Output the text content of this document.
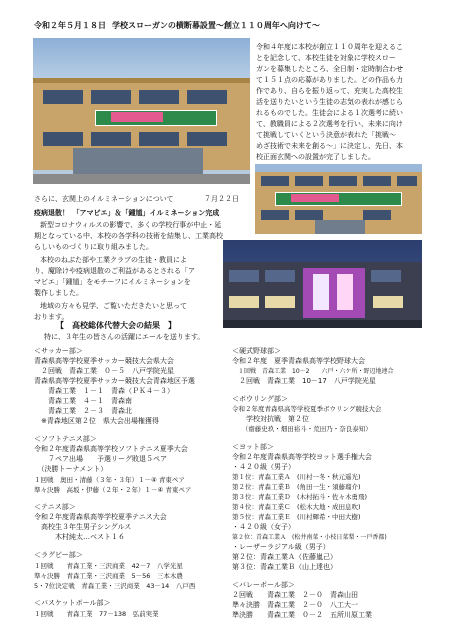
令和２年５月１８日 学校スローガンの横断幕設置～創立１１０周年へ向けて～
令和４年度に本校が創立１１０周年を迎えるこ
とを記念して、本校生徒を対象に学校スロー
ガンを募集したところ、全日制・定時制合わせ
て１５１点の応募がありました。どの作品も力
作であり、自らを振り返って、充実した高校生
活を送りたいという生徒の志気の表れが感じら
れるものでした。生徒会による１次選考に続い
て、教職員による２次選考を行い、未来に向け
て挑戦していくという決意が表れた「挑戦～
めざ技術で未来を創る～」に決定し、先日、本
校正面玄関への設置が完了しました。
さらに、玄関上のイルミネーションについて	７月２２日
疫病退散！　「アマビエ」＆「鍾馗」イルミネーション完成
新型コロナウィルスの影響で、多くの学校行事が中止・延
期となっている中、本校の各学科の技術を結集し、工業高校
らしいものづくりに取り組みました。
本校のねぶた部や工業クラブの生徒・教員によ
り、魔除けや疫病退散のご利益があるとされる「ア
マビエ」「鍾馗」をモチーフにイルミネーションを
製作しました。
地域の方々も見学、ご覧いただきたいと思って
おります。
【　高校総体代替大会の結果　】
特に、３年生の皆さんの活躍にエールを送ります。
＜サッカー部＞
青森県高等学校夏季サッカー競技大会県大会
　２回戦　青森工業　０－５　八戸学院光星
青森県高等学校夏季サッカー競技大会青森地区予選
　　青森工業　１－１　青森（ＰＫ４－３）
　　青森工業　４－１　青森南
　　青森工業　２－３　青森北
　※青森地区第２位　県大会出場権獲得
＜ソフトテニス部＞
令和２年度青森県高等学校ソフトテニス夏季大会
　　７ペア出場　　予選リーグ敗退５ペア
　（決勝トーナメント）
１回戦　奥田・清藤（３年・３年）１－④ 青東ペア
準々決勝　高坂・伊藤（２年・２年）１－④ 青東ペア
＜テニス部＞
令和２年度青森県高等学校夏季テニス大会
　高校生３年生男子シングルス
　　　木村純太…ベスト１６
＜ラグビー部＞
１回戦　　青森工業・三沢商業　42－7　八学光星
準々決勝　青森工業・三沢商業　5－56　三本木農
5・7位決定戦　青森工業・三沢商業　43－14　八戸西
＜バスケットボール部＞
１回戦　　青森工業　77－138　弘前実業
＜硬式野球部＞
令和２年度　夏季青森県高等学校野球大会
　１回戦　青森工業　10－2　　六戸・六ケ所・野辺地連合
　２回戦　青森工業　10－17　八戸学院光星
＜ボウリング部＞
令和２年度青森県高等学校夏季ボウリング競技大会
　　学校対抗戦　第２位
　　（齋藤史玖・畑田裕斗・荒田乃・奈良泰知）
＜ヨット部＞
令和２年度青森県高等学校ヨット選手権大会
・４２０級（男子）
第１位：青森工業Ａ　(川村一冬・秋元遥光)
第２位：青森工業Ｂ　(角田一生・須藤瑠介)
第３位：青森工業Ｄ　(木村拓斗・佐々木勇飛)
第４位：青森工業Ｃ　(松木大地・成田息吹)
第５位：青森工業Ｅ　(川村輝希・中田大樹)
・４２０級（女子）
第２位：青森工業Ａ　(松井南菜・小枝日菜梨・一戸香都)
・レーザーラジアル級（男子）
第２位：青森工業Ａ（佐藤嵐己）
第３位：青森工業Ｂ（山上達也）
＜バレーボール部＞
２回戦　　青森工業　２－０　青森山田
準々決勝　青森工業　２－０　八工大一
準決勝　　青森工業　０－２　五所川原工業
